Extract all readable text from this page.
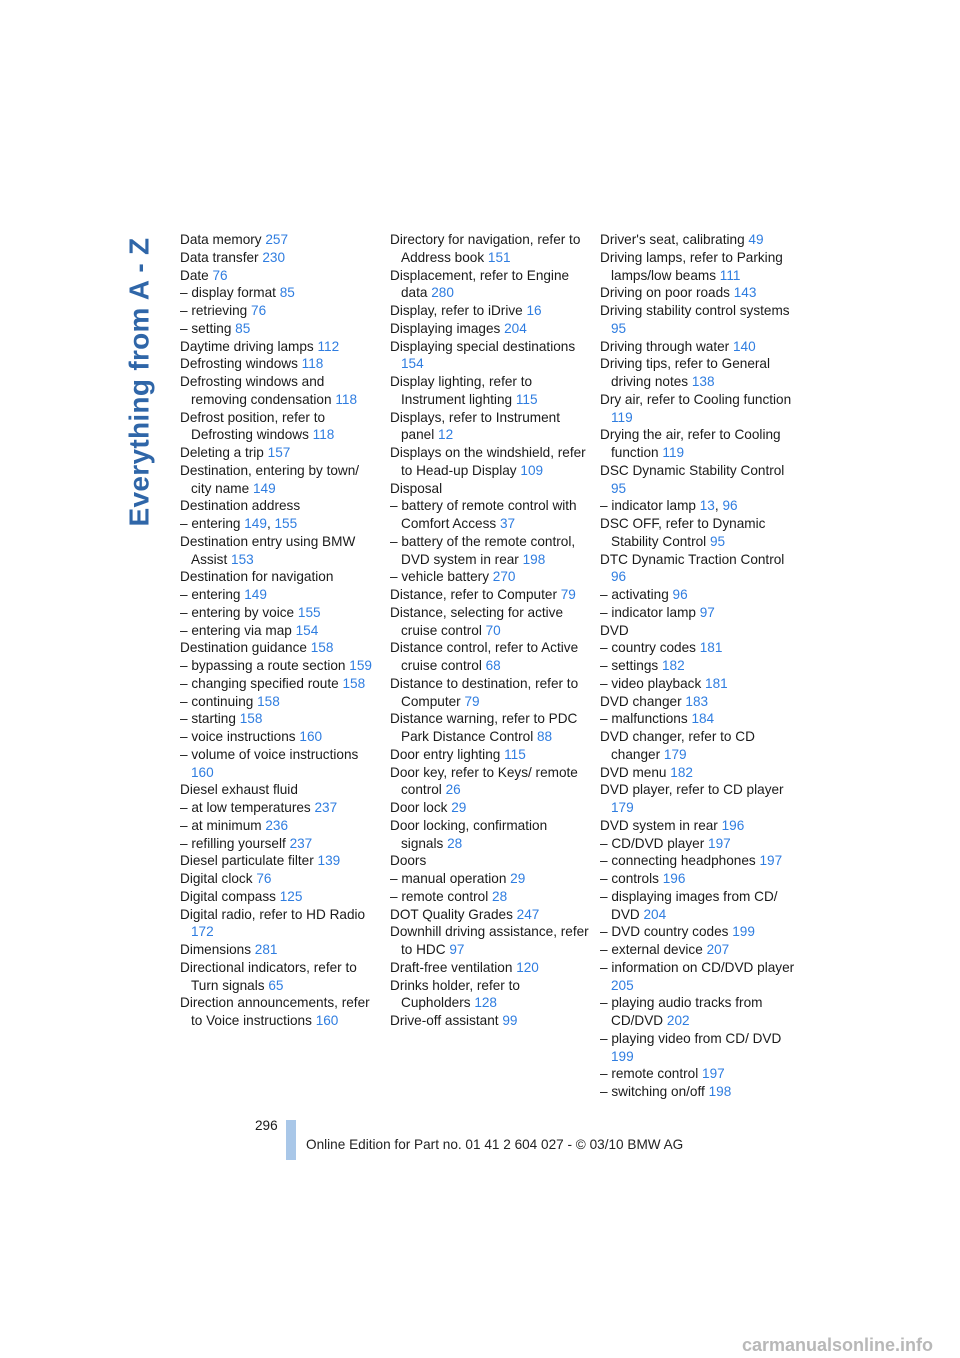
Everything from A - Z Data memory 257
Data transfer 230
Date 76
– display format 85
– retrieving 76
– setting 85
Daytime driving lamps 112
Defrosting windows 118
Defrosting windows and removing condensation 118
Defrost position, refer to Defrosting windows 118
Deleting a trip 157
Destination, entering by town/ city name 149
Destination address
– entering 149, 155
Destination entry using BMW Assist 153
Destination for navigation
– entering 149
– entering by voice 155
– entering via map 154
Destination guidance 158
– bypassing a route section 159
– changing specified route 158
– continuing 158
– starting 158
– voice instructions 160
– volume of voice instructions 160
Diesel exhaust fluid
– at low temperatures 237
– at minimum 236
– refilling yourself 237
Diesel particulate filter 139
Digital clock 76
Digital compass 125
Digital radio, refer to HD Radio 172
Dimensions 281
Directional indicators, refer to Turn signals 65
Direction announcements, refer to Voice instructions 160
Directory for navigation, refer to Address book 151
Displacement, refer to Engine data 280
Display, refer to iDrive 16
Displaying images 204
Displaying special destinations 154
Display lighting, refer to Instrument lighting 115
Displays, refer to Instrument panel 12
Displays on the windshield, refer to Head-up Display 109
Disposal
– battery of remote control with Comfort Access 37
– battery of the remote control, DVD system in rear 198
– vehicle battery 270
Distance, refer to Computer 79
Distance, selecting for active cruise control 70
Distance control, refer to Active cruise control 68
Distance to destination, refer to Computer 79
Distance warning, refer to PDC Park Distance Control 88
Door entry lighting 115
Door key, refer to Keys/ remote control 26
Door lock 29
Door locking, confirmation signals 28
Doors
– manual operation 29
– remote control 28
DOT Quality Grades 247
Downhill driving assistance, refer to HDC 97
Draft-free ventilation 120
Drinks holder, refer to Cupholders 128
Drive-off assistant 99
Driver's seat, calibrating 49
Driving lamps, refer to Parking lamps/low beams 111
Driving on poor roads 143
Driving stability control systems 95
Driving through water 140
Driving tips, refer to General driving notes 138
Dry air, refer to Cooling function 119
Drying the air, refer to Cooling function 119
DSC Dynamic Stability Control 95
– indicator lamp 13, 96
DSC OFF, refer to Dynamic Stability Control 95
DTC Dynamic Traction Control 96
– activating 96
– indicator lamp 97
DVD
– country codes 181
– settings 182
– video playback 181
DVD changer 183
– malfunctions 184
DVD changer, refer to CD changer 179
DVD menu 182
DVD player, refer to CD player 179
DVD system in rear 196
– CD/DVD player 197
– connecting headphones 197
– controls 196
– displaying images from CD/ DVD 204
– DVD country codes 199
– external device 207
– information on CD/DVD player 205
– playing audio tracks from CD/DVD 202
– playing video from CD/ DVD 199
– remote control 197
– switching on/off 198
296
Online Edition for Part no. 01 41 2 604 027 - © 03/10 BMW AG
carmanualsonline.info
